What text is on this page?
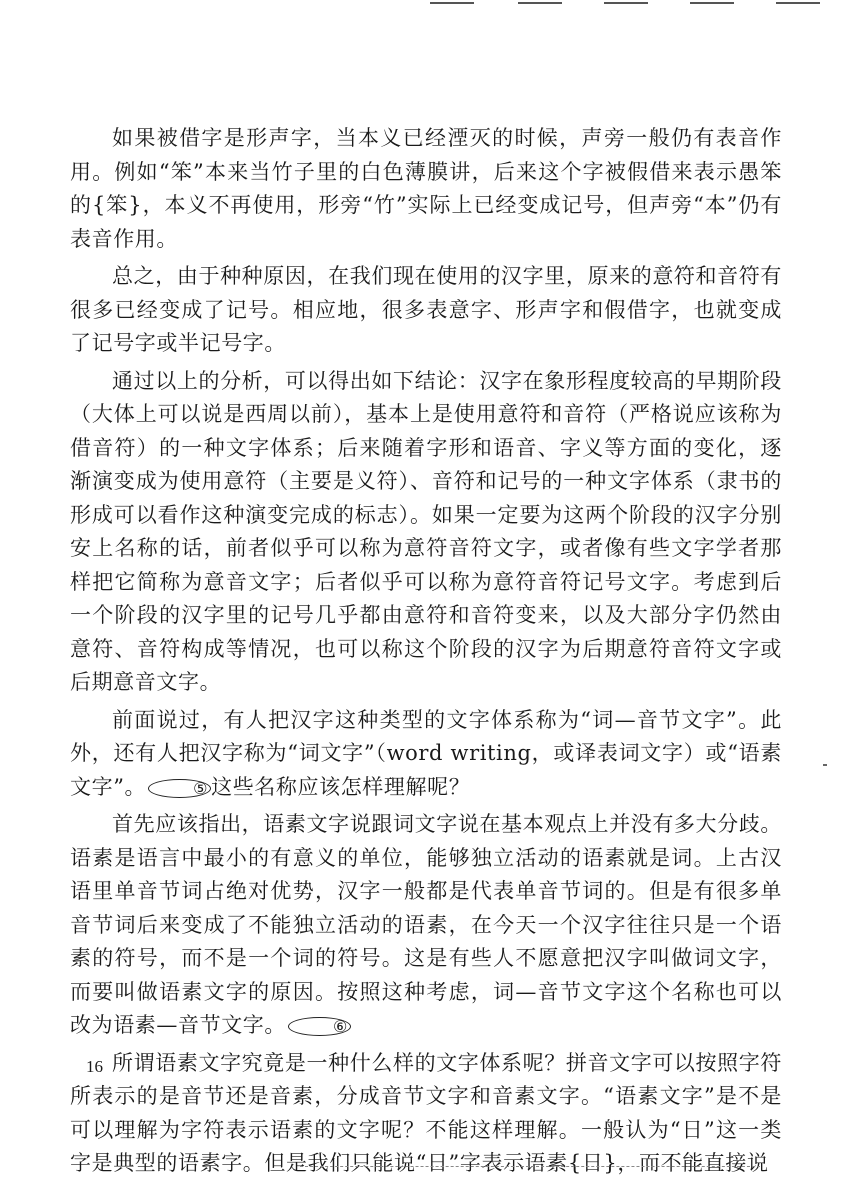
如果被借字是形声字，当本义已经湮灭的时候，声旁一般仍有表音作用。例如“笨”本来当竹子里的白色薄膜讲，后来这个字被假借来表示愚笨的{笨}，本义不再使用，形旁“竹”实际上已经变成记号，但声旁“本”仍有表音作用。

总之，由于种种原因，在我们现在使用的汉字里，原来的意符和音符有很多已经变成了记号。相应地，很多表意字、形声字和假借字，也就变成了记号字或半记号字。

通过以上的分析，可以得出如下结论：汉字在象形程度较高的早期阶段（大体上可以说是西周以前），基本上是使用意符和音符（严格说应该称为借音符）的一种文字体系；后来随着字形和语音、字义等方面的变化，逐渐演变成为使用意符（主要是义符）、音符和记号的一种文字体系（隶书的形成可以看作这种演变完成的标志）。如果一定要为这两个阶段的汉字分别安上名称的话，前者似乎可以称为意符音符文字，或者像有些文字学者那样把它简称为意音文字；后者似乎可以称为意符音符记号文字。考虑到后一个阶段的汉字里的记号几乎都由意符和音符变来，以及大部分字仍然由意符、音符构成等情况，也可以称这个阶段的汉字为后期意符音符文字或后期意音文字。

前面说过，有人把汉字这种类型的文字体系称为“词—音节文字”。此外，还有人把汉字称为“词文字”（word writing，或译表词文字）或“语素文字”。	⑤ 这些名称应该怎样理解呢？

首先应该指出，语素文字说跟词文字说在基本观点上并没有多大分歧。语素是语言中最小的有意义的单位，能够独立活动的语素就是词。上古汉语里单音节词占绝对优势，汉字一般都是代表单音节词的。但是有很多单音节词后来变成了不能独立活动的语素，在今天一个汉字往往只是一个语素的符号，而不是一个词的符号。这是有些人不愿意把汉字叫做词文字，而要叫做语素文字的原因。按照这种考虑，词—音节文字这个名称也可以改为语素—音节文字。	⑥

所谓语素文字究竟是一种什么样的文字体系呢？拼音文字可以按照字符所表示的是音节还是音素，分成音节文字和音素文字。“语素文字”是不是可以理解为字符表示语素的文字呢？不能这样理解。一般认为“日”这一类字是典型的语素字。但是我们只能说“日”字表示语素{日}，而不能直接说

16
